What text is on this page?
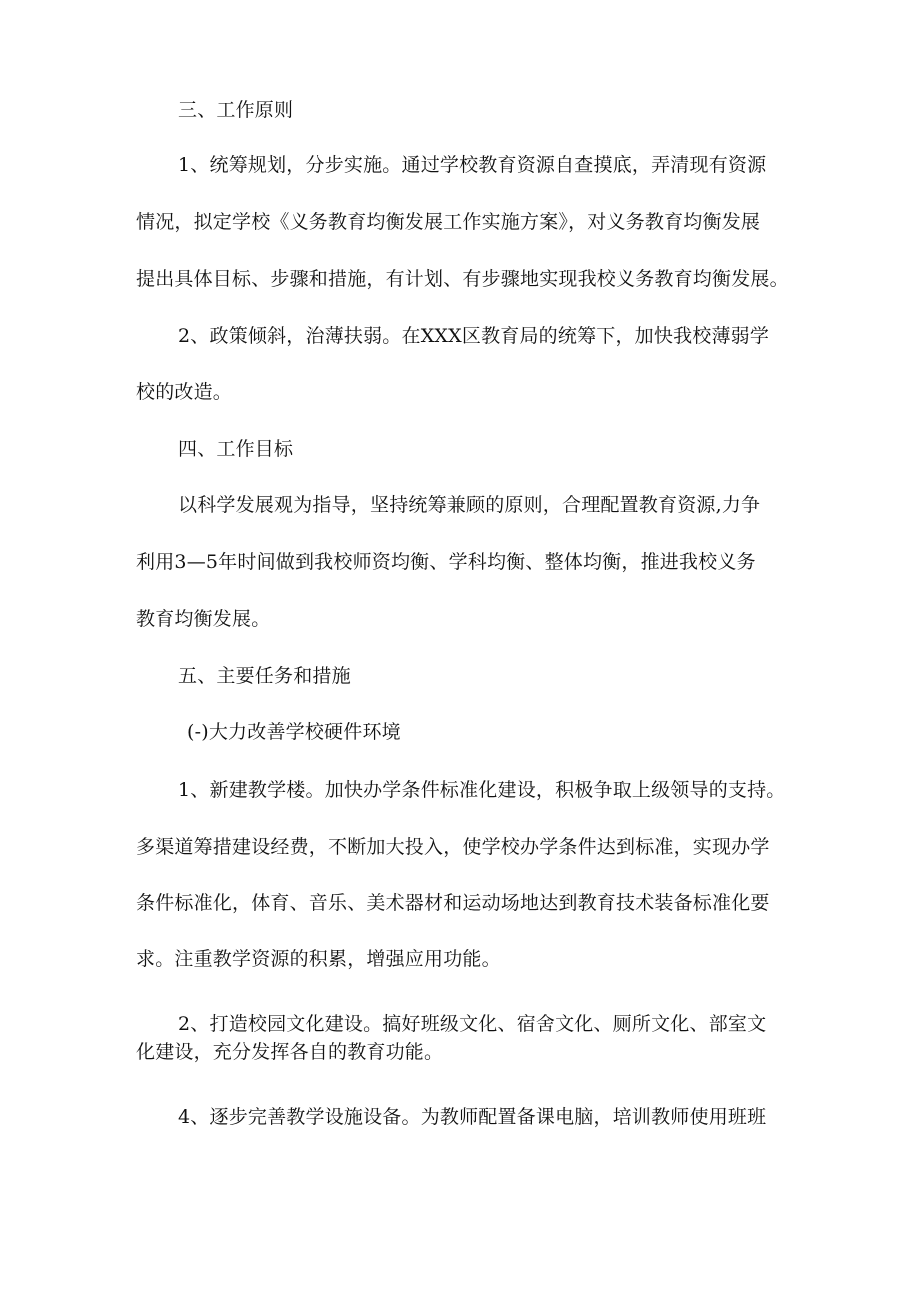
三、工作原则
1、统筹规划，分步实施。通过学校教育资源自查摸底，弄清现有资源
情况，拟定学校《义务教育均衡发展工作实施方案》，对义务教育均衡发展
提出具体目标、步骤和措施，有计划、有步骤地实现我校义务教育均衡发展。
2、政策倾斜，治薄扶弱。在XXX区教育局的统筹下，加快我校薄弱学
校的改造。
四、工作目标
以科学发展观为指导，坚持统筹兼顾的原则，合理配置教育资源,力争
利用3—5年时间做到我校师资均衡、学科均衡、整体均衡，推进我校义务
教育均衡发展。
五、主要任务和措施
(-)大力改善学校硬件环境
1、新建教学楼。加快办学条件标准化建设，积极争取上级领导的支持。
多渠道筹措建设经费，不断加大投入，使学校办学条件达到标准，实现办学
条件标准化，体育、音乐、美术器材和运动场地达到教育技术装备标准化要
求。注重教学资源的积累，增强应用功能。
2、打造校园文化建设。搞好班级文化、宿舍文化、厕所文化、部室文
化建设，充分发挥各自的教育功能。
4、逐步完善教学设施设备。为教师配置备课电脑，培训教师使用班班
